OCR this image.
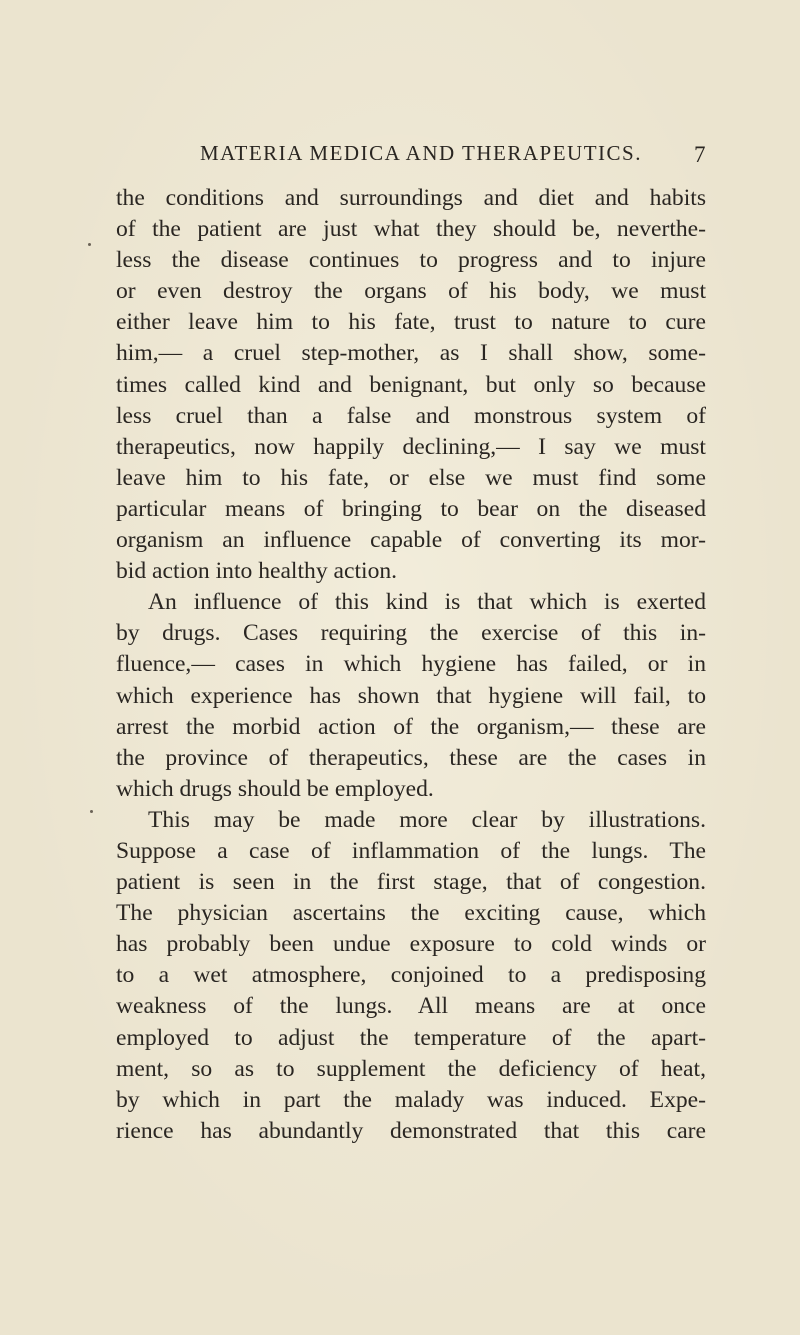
MATERIA MEDICA AND THERAPEUTICS. 7
the conditions and surroundings and diet and habits
of the patient are just what they should be, neverthe-
less the disease continues to progress and to injure
or even destroy the organs of his body, we must
either leave him to his fate, trust to nature to cure
him,— a cruel step-mother, as I shall show, some-
times called kind and benignant, but only so because
less cruel than a false and monstrous system of
therapeutics, now happily declining,— I say we must
leave him to his fate, or else we must find some
particular means of bringing to bear on the diseased
organism an influence capable of converting its mor-
bid action into healthy action.
An influence of this kind is that which is exerted
by drugs. Cases requiring the exercise of this in-
fluence,— cases in which hygiene has failed, or in
which experience has shown that hygiene will fail, to
arrest the morbid action of the organism,— these are
the province of therapeutics, these are the cases in
which drugs should be employed.
This may be made more clear by illustrations.
Suppose a case of inflammation of the lungs. The
patient is seen in the first stage, that of congestion.
The physician ascertains the exciting cause, which
has probably been undue exposure to cold winds or
to a wet atmosphere, conjoined to a predisposing
weakness of the lungs. All means are at once
employed to adjust the temperature of the apart-
ment, so as to supplement the deficiency of heat,
by which in part the malady was induced. Expe-
rience has abundantly demonstrated that this care
